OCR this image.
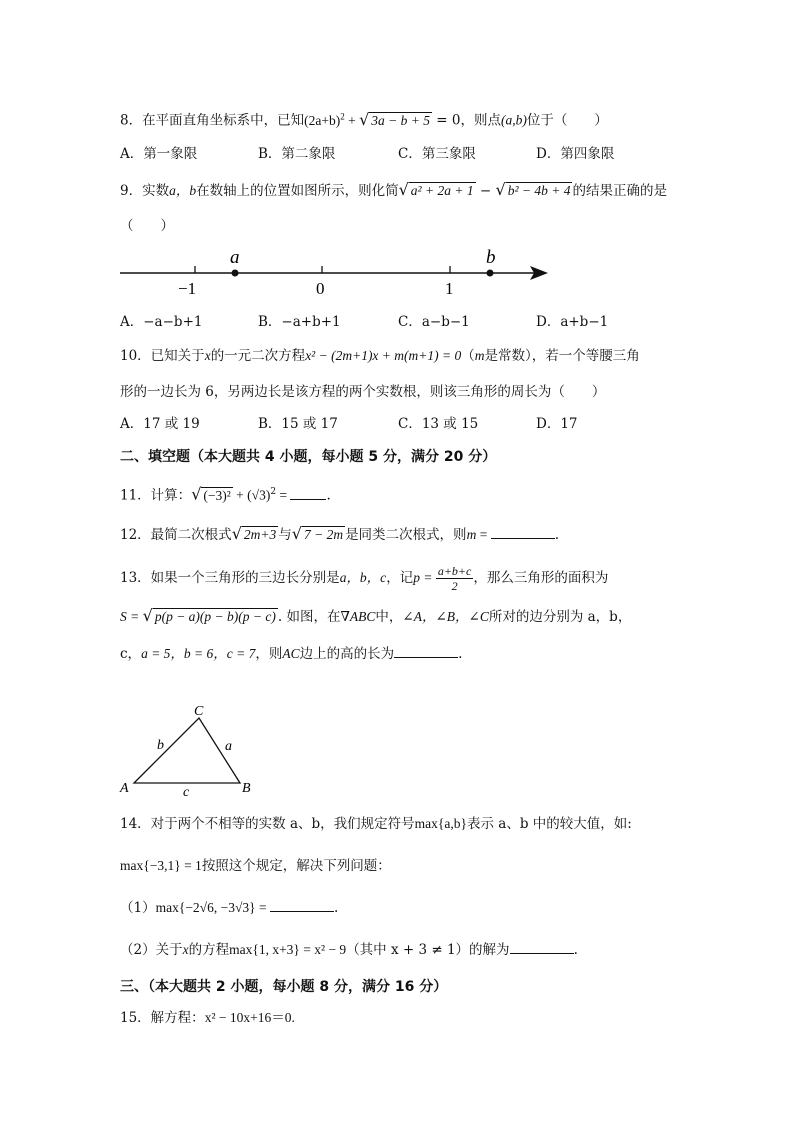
8．在平面直角坐标系中，已知$(2a+b)^2$ + √ 3a − b + 5 = 0，则点(a,b)位于（　　）
A．第一象限	B．第二象限	C．第三象限	D．第四象限
9．实数a，b在数轴上的位置如图所示，则化简√ a² + 2a + 1 − √ b² − 4b + 4 的结果正确的是
（　　）
−1	0	1
a	b
A．−a−b+1	B．−a+b+1	C．a−b−1	D．a+b−1
10．已知关于x的一元二次方程x² − (2m+1)x + m(m+1) = 0（m是常数），若一个等腰三角
形的一边长为 6，另两边长是该方程的两个实数根，则该三角形的周长为（　　）
A．17 或 19	B．15 或 17	C．13 或 15	D．17
二、填空题（本大题共 4 小题，每小题 5 分，满分 20 分）
11．计算：√ $(-3)^2 + (√3)^2$ =	.
12．最简二次根式√ 2m+3 与√ 7 − 2m 是同类二次根式，则m =	.
13．如果一个三角形的三边长分别是a，b，c，记$p = \frac{a+b+c}{2}$ ，那么三角形的面积为
S = √ p(p − a)(p − b)(p − c) . 如图，在∇ABC中，∠A，∠B，∠C所对的边分别为 a，b，
c，a = 5，b = 6，c = 7，则AC边上的高的长为	.
A	B
C
b	a
c
14．对于两个不相等的实数 a、b，我们规定符号max{a,b}表示 a、b 中的较大值，如:
max{−3,1} = 1按照这个规定，解决下列问题：
（1）max{−2√6, −3√3} =	.
（2）关于x的方程max{1, x+3} = x² − 9（其中 x + 3 ≠ 1）的解为	.
三、（本大题共 2 小题，每小题 8 分，满分 16 分）
15．解方程：x² − 10x+16＝0.
